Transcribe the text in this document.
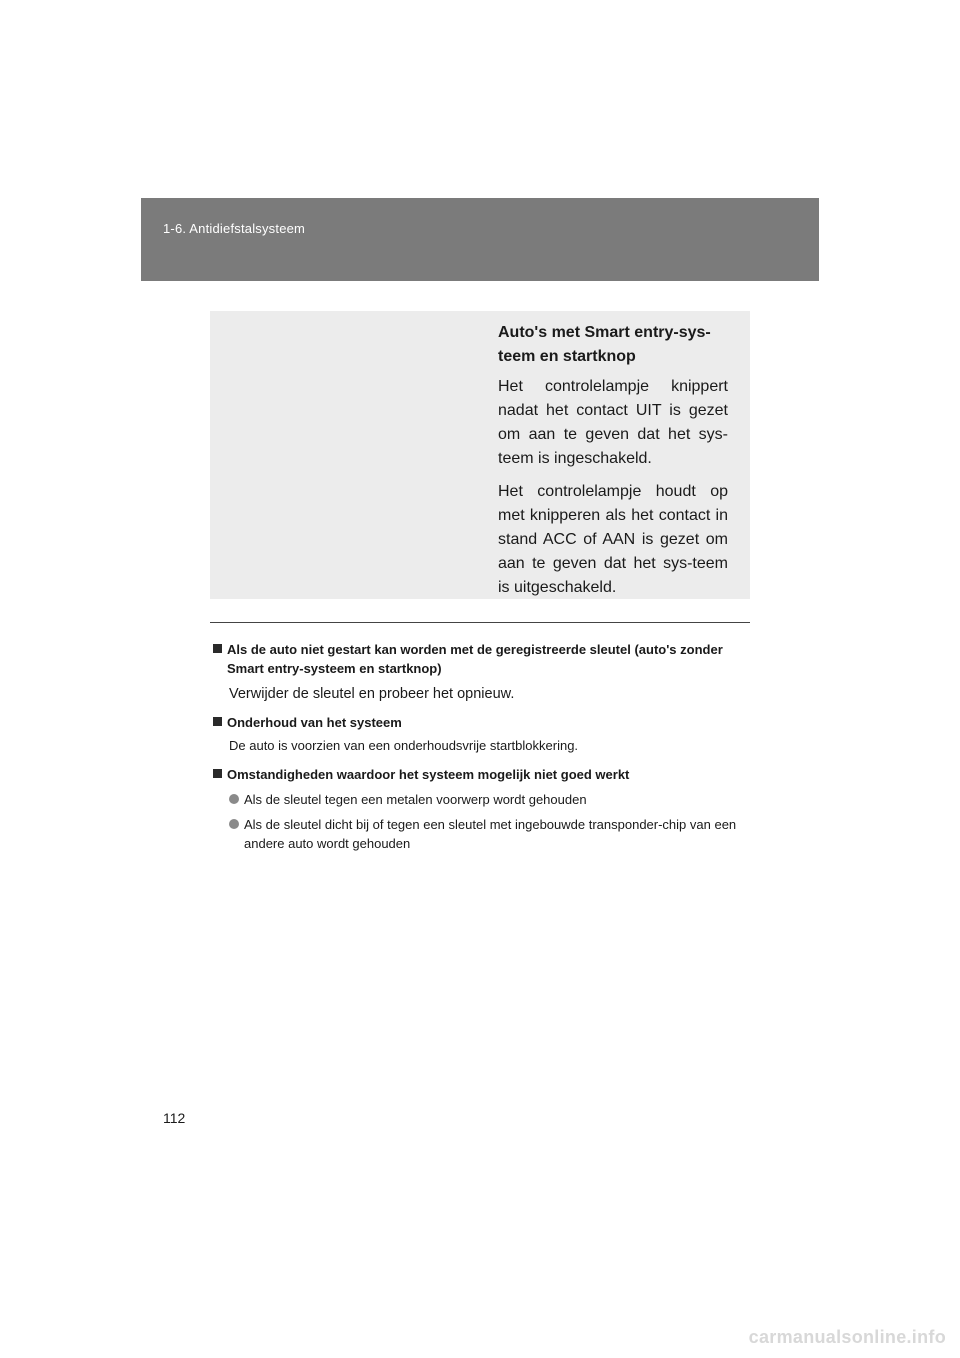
1-6. Antidiefstalsysteem

Auto's met Smart entry-sys-teem en startknop

Het controlelampje knippert nadat het contact UIT is gezet om aan te geven dat het sys-teem is ingeschakeld.

Het controlelampje houdt op met knipperen als het contact in stand ACC of AAN is gezet om aan te geven dat het sys-teem is uitgeschakeld.

Als de auto niet gestart kan worden met de geregistreerde sleutel (auto's zonder Smart entry-systeem en startknop)
Verwijder de sleutel en probeer het opnieuw.
Onderhoud van het systeem
De auto is voorzien van een onderhoudsvrije startblokkering.
Omstandigheden waardoor het systeem mogelijk niet goed werkt
Als de sleutel tegen een metalen voorwerp wordt gehouden
Als de sleutel dicht bij of tegen een sleutel met ingebouwde transponder-chip van een andere auto wordt gehouden
112
carmanualsonline.info
